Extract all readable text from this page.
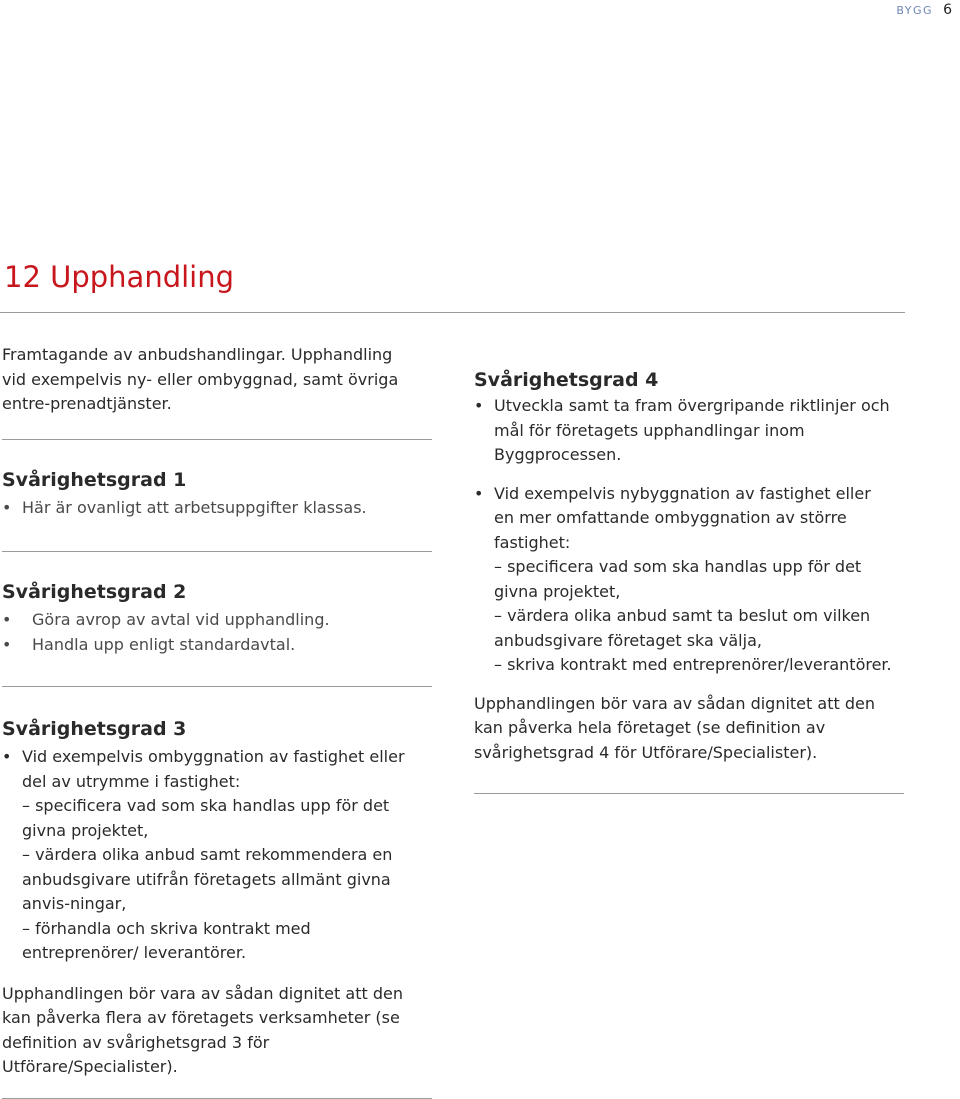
BYGG 6
12 Upphandling

Framtagande av anbudshandlingar. Upphandling vid exempelvis ny- eller ombyggnad, samt övriga entre-prenadtjänster.

Svårighetsgrad 1
• Här är ovanligt att arbetsuppgifter klassas.
Svårighetsgrad 2
• Göra avrop av avtal vid upphandling.
• Handla upp enligt standardavtal.
Svårighetsgrad 3
• Vid exempelvis ombyggnation av fastighet eller del av utrymme i fastighet:
– specificera vad som ska handlas upp för det givna projektet,
– värdera olika anbud samt rekommendera en anbudsgivare utifrån företagets allmänt givna anvis-ningar,
– förhandla och skriva kontrakt med entreprenörer/ leverantörer.

Upphandlingen bör vara av sådan dignitet att den kan påverka flera av företagets verksamheter (se definition av svårighetsgrad 3 för Utförare/Specialister).

Svårighetsgrad 4
• Utveckla samt ta fram övergripande riktlinjer och mål för företagets upphandlingar inom Byggprocessen.
• Vid exempelvis nybyggnation av fastighet eller en mer omfattande ombyggnation av större fastighet:
– specificera vad som ska handlas upp för det givna projektet,
– värdera olika anbud samt ta beslut om vilken anbudsgivare företaget ska välja,
– skriva kontrakt med entreprenörer/leverantörer.

Upphandlingen bör vara av sådan dignitet att den kan påverka hela företaget (se definition av svårighetsgrad 4 för Utförare/Specialister).
